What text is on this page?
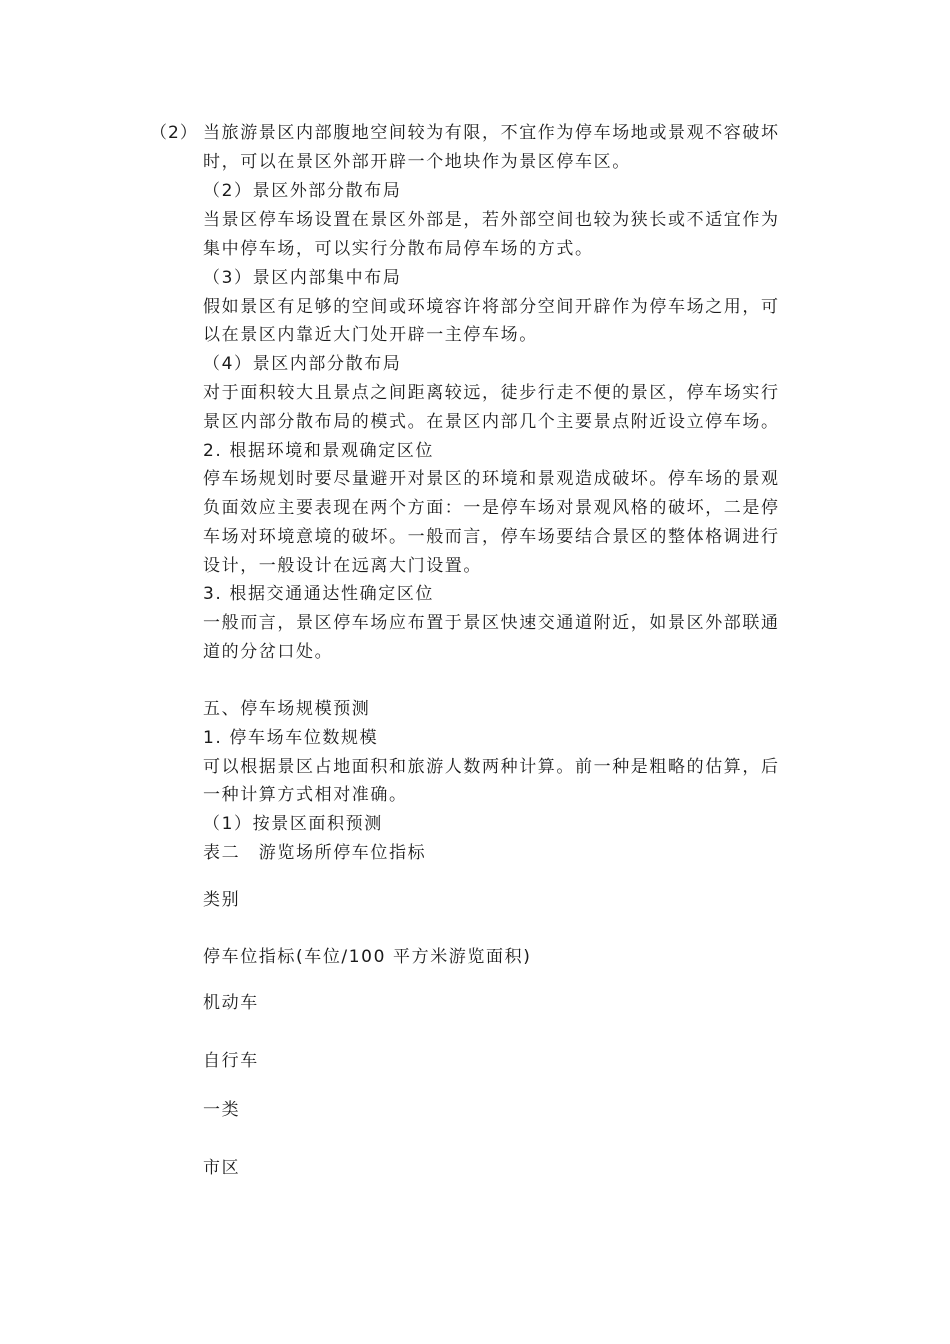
（2） 当旅游景区内部腹地空间较为有限，不宜作为停车场地或景观不容破坏
时，可以在景区外部开辟一个地块作为景区停车区。
（2）景区外部分散布局
当景区停车场设置在景区外部是，若外部空间也较为狭长或不适宜作为
集中停车场，可以实行分散布局停车场的方式。
（3）景区内部集中布局
假如景区有足够的空间或环境容许将部分空间开辟作为停车场之用，可
以在景区内靠近大门处开辟一主停车场。
（4）景区内部分散布局
对于面积较大且景点之间距离较远，徒步行走不便的景区，停车场实行
景区内部分散布局的模式。在景区内部几个主要景点附近设立停车场。
2. 根据环境和景观确定区位
停车场规划时要尽量避开对景区的环境和景观造成破坏。停车场的景观
负面效应主要表现在两个方面：一是停车场对景观风格的破坏，二是停
车场对环境意境的破坏。一般而言，停车场要结合景区的整体格调进行
设计，一般设计在远离大门设置。
3. 根据交通通达性确定区位
一般而言，景区停车场应布置于景区快速交通道附近，如景区外部联通
道的分岔口处。
五、停车场规模预测
1. 停车场车位数规模
可以根据景区占地面积和旅游人数两种计算。前一种是粗略的估算，后
一种计算方式相对准确。
（1）按景区面积预测
表二　游览场所停车位指标
类别
停车位指标(车位/100 平方米游览面积)
机动车
自行车
一类
市区
